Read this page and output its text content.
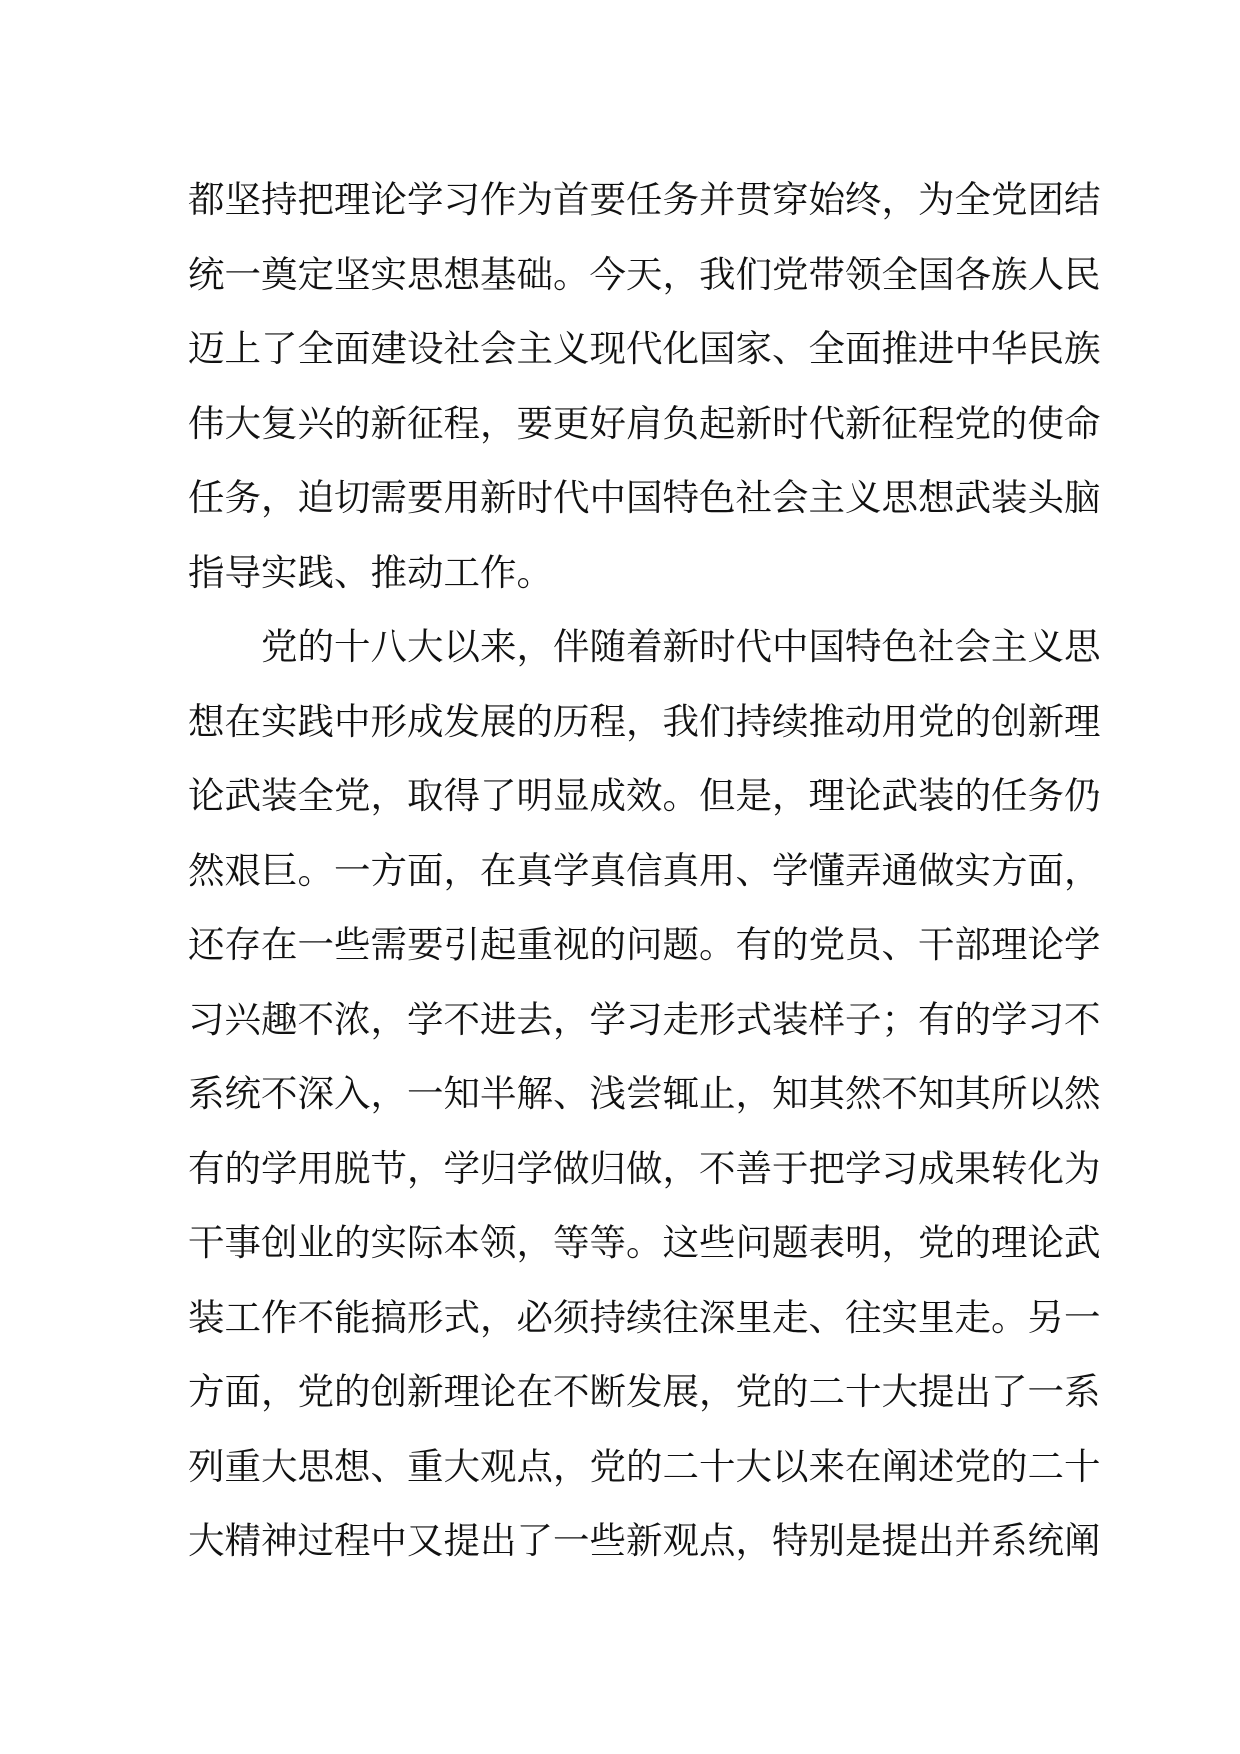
都坚持把理论学习作为首要任务并贯穿始终，为全党团结
统一奠定坚实思想基础。今天，我们党带领全国各族人民
迈上了全面建设社会主义现代化国家、全面推进中华民族
伟大复兴的新征程，要更好肩负起新时代新征程党的使命
任务，迫切需要用新时代中国特色社会主义思想武装头脑
指导实践、推动工作。
　　党的十八大以来，伴随着新时代中国特色社会主义思
想在实践中形成发展的历程，我们持续推动用党的创新理
论武装全党，取得了明显成效。但是，理论武装的任务仍
然艰巨。一方面，在真学真信真用、学懂弄通做实方面，
还存在一些需要引起重视的问题。有的党员、干部理论学
习兴趣不浓，学不进去，学习走形式装样子；有的学习不
系统不深入，一知半解、浅尝辄止，知其然不知其所以然
有的学用脱节，学归学做归做，不善于把学习成果转化为
干事创业的实际本领，等等。这些问题表明，党的理论武
装工作不能搞形式，必须持续往深里走、往实里走。另一
方面，党的创新理论在不断发展，党的二十大提出了一系
列重大思想、重大观点，党的二十大以来在阐述党的二十
大精神过程中又提出了一些新观点，特别是提出并系统阐
